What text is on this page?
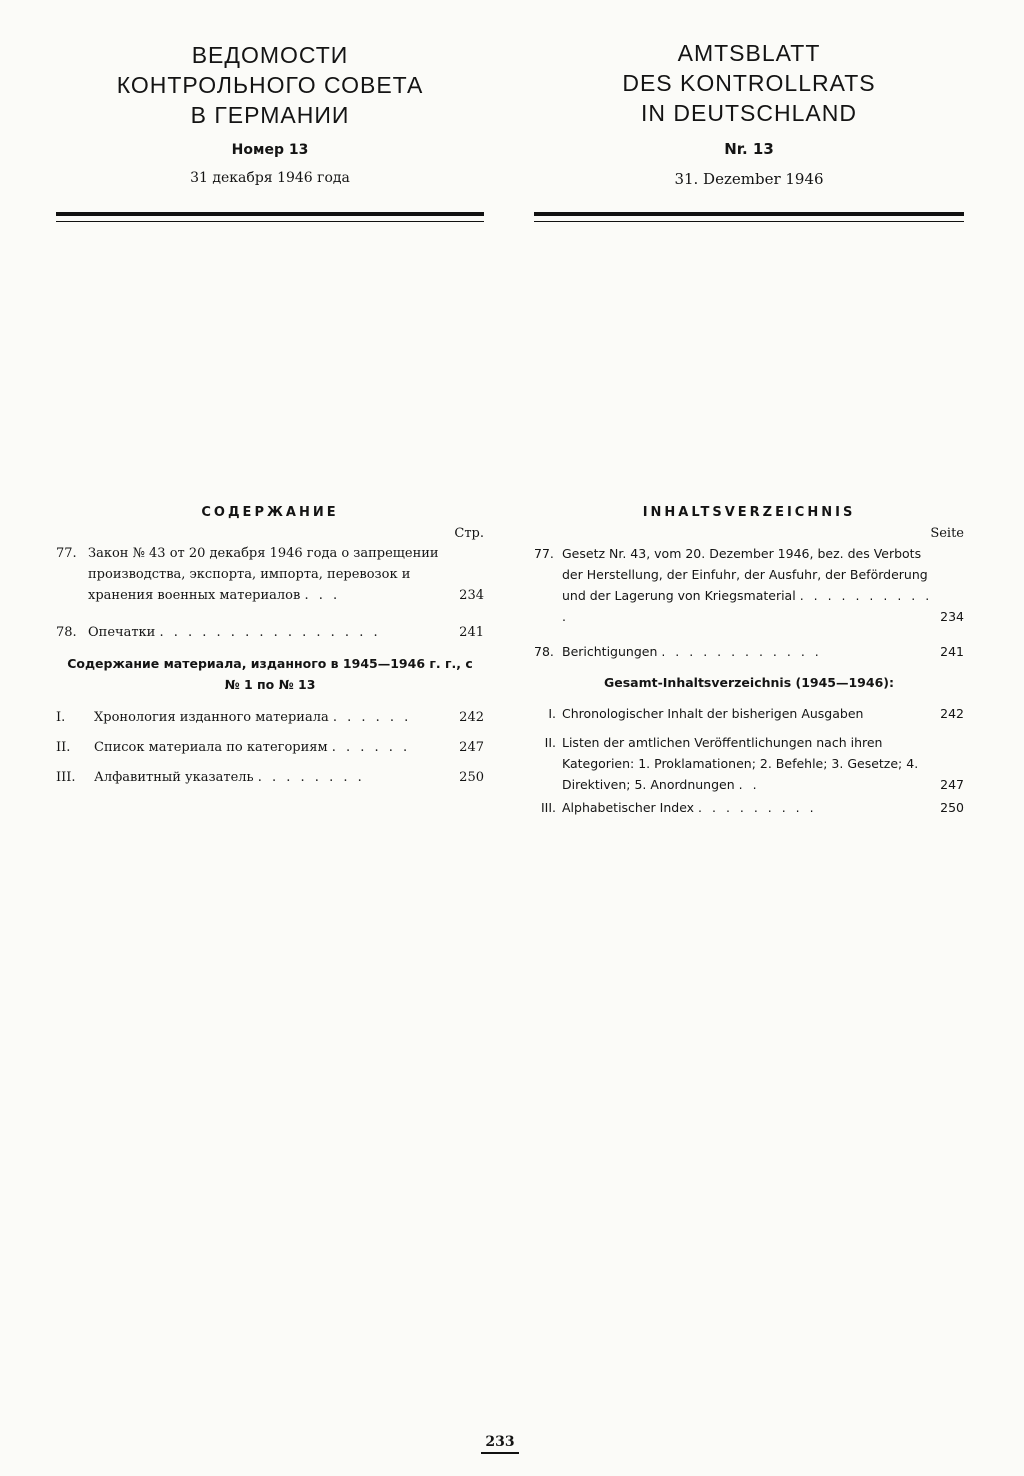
ВЕДОМОСТИ
КОНТРОЛЬНОГО СОВЕТА
В ГЕРМАНИИ
Номер 13
31 декабря 1946 года
СОДЕРЖАНИЕ
Стр.
77. Закон № 43 от 20 декабря 1946 года о запрещении производства, экспорта, импорта, перевозок и хранения военных материалов . . .	234
78. Опечатки . . . . . . . . . . . . . . . .	241
Содержание материала, изданного в 1945—1946 г. г., с № 1 по № 13
I.	Хронология изданного материала . . . . . .	242
II.	Список материала по категориям . . . . . .	247
III.	Алфавитный указатель . . . . . . . .	250
AMTSBLATT
DES KONTROLLRATS
IN DEUTSCHLAND
Nr. 13
31. Dezember 1946
INHALTSVERZEICHNIS
Seite
77. Gesetz Nr. 43, vom 20. Dezember 1946, bez. des Verbots der Herstellung, der Einfuhr, der Ausfuhr, der Beförderung und der Lagerung von Kriegsmaterial . . . . . . . . . . .	234
78. Berichtigungen . . . . . . . . . . . .	241
Gesamt-Inhaltsverzeichnis (1945—1946):
I. Chronologischer Inhalt der bisherigen Ausgaben	242
II. Listen der amtlichen Veröffentlichungen nach ihren Kategorien: 1. Proklamationen; 2. Befehle; 3. Gesetze; 4. Direktiven; 5. Anordnungen . .	247
III. Alphabetischer Index . . . . . . . . .	250
233
